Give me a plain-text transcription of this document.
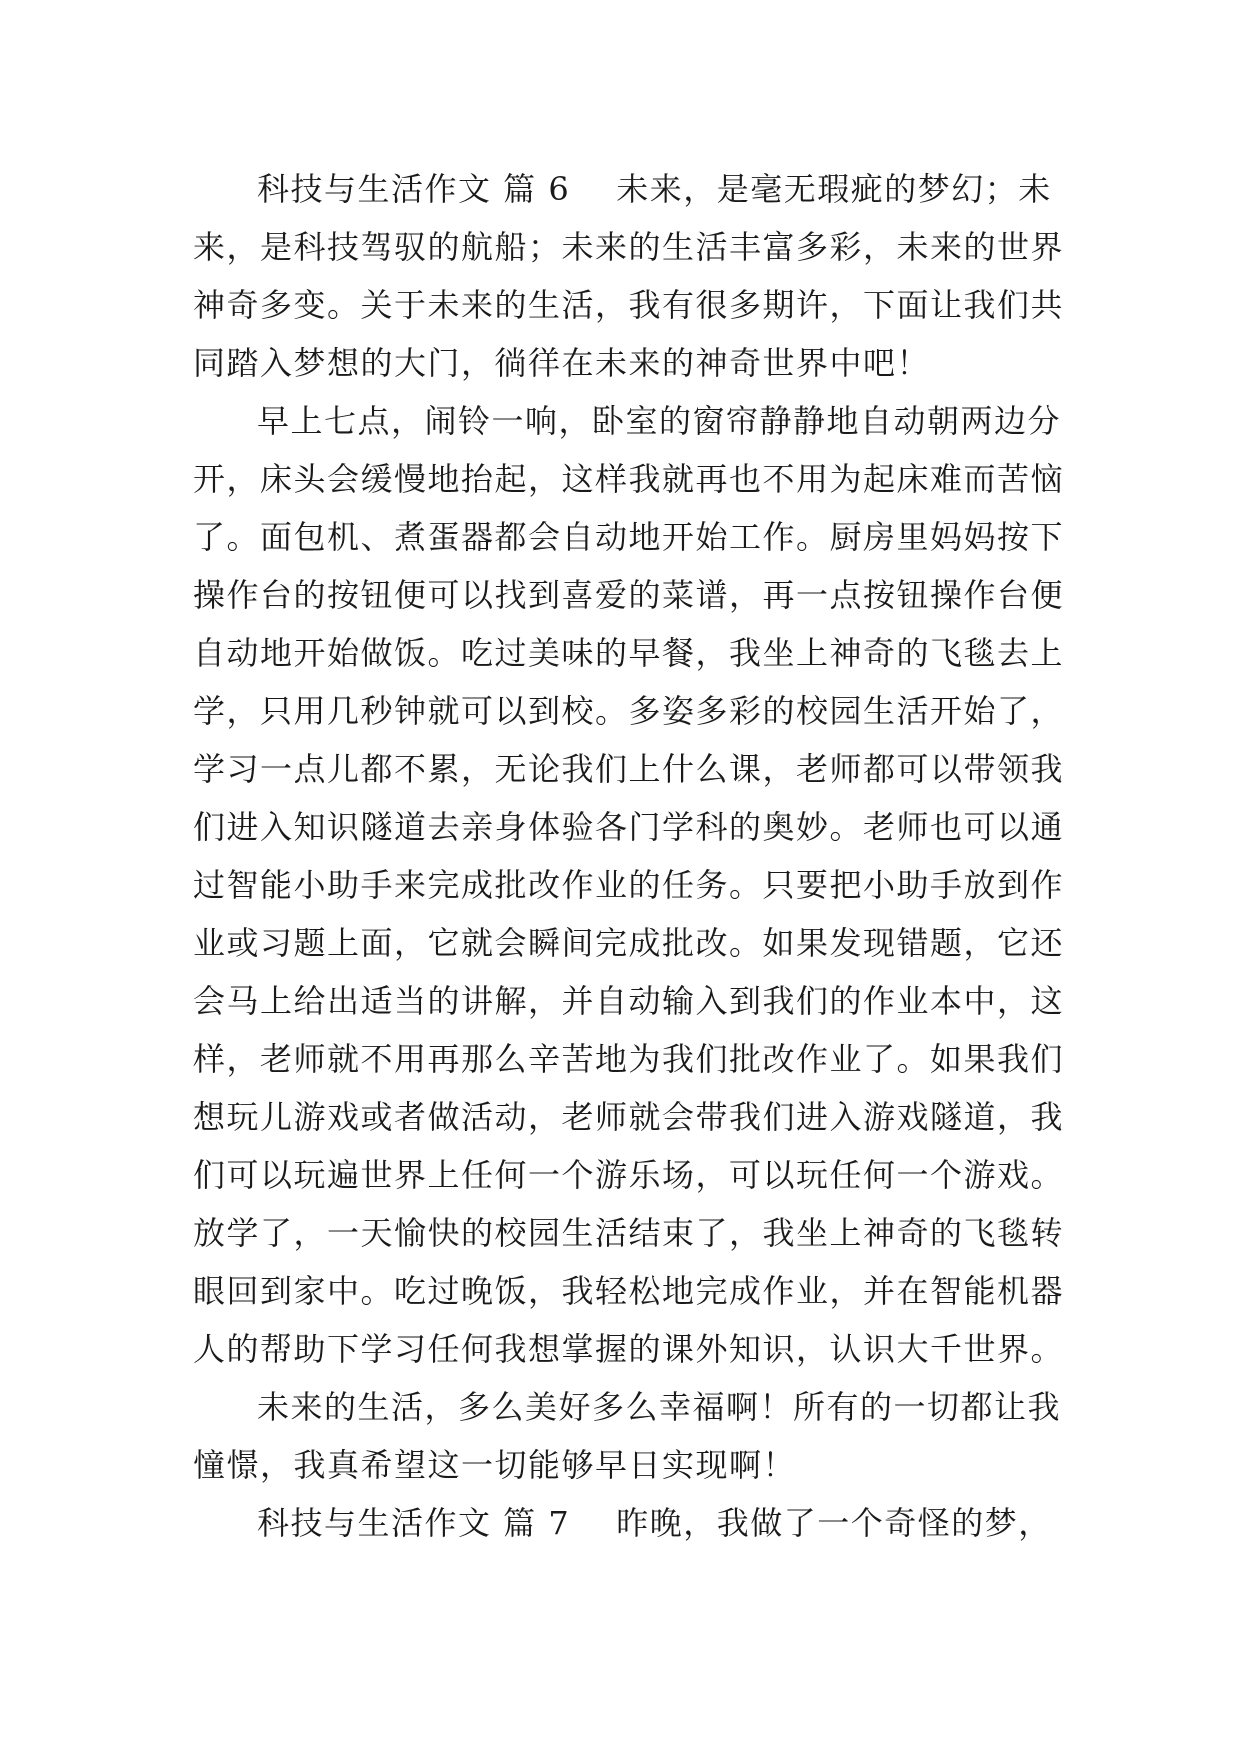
科技与生活作文 篇 6 未来，是毫无瑕疵的梦幻；未
来，是科技驾驭的航船；未来的生活丰富多彩，未来的世界
神奇多变。关于未来的生活，我有很多期许，下面让我们共
同踏入梦想的大门，徜徉在未来的神奇世界中吧！
早上七点，闹铃一响，卧室的窗帘静静地自动朝两边分
开，床头会缓慢地抬起，这样我就再也不用为起床难而苦恼
了。面包机、煮蛋器都会自动地开始工作。厨房里妈妈按下
操作台的按钮便可以找到喜爱的菜谱，再一点按钮操作台便
自动地开始做饭。吃过美味的早餐，我坐上神奇的飞毯去上
学，只用几秒钟就可以到校。多姿多彩的校园生活开始了，
学习一点儿都不累，无论我们上什么课，老师都可以带领我
们进入知识隧道去亲身体验各门学科的奥妙。老师也可以通
过智能小助手来完成批改作业的任务。只要把小助手放到作
业或习题上面，它就会瞬间完成批改。如果发现错题，它还
会马上给出适当的讲解，并自动输入到我们的作业本中，这
样，老师就不用再那么辛苦地为我们批改作业了。如果我们
想玩儿游戏或者做活动，老师就会带我们进入游戏隧道，我
们可以玩遍世界上任何一个游乐场，可以玩任何一个游戏。
放学了，一天愉快的校园生活结束了，我坐上神奇的飞毯转
眼回到家中。吃过晚饭，我轻松地完成作业，并在智能机器
人的帮助下学习任何我想掌握的课外知识，认识大千世界。
未来的生活，多么美好多么幸福啊！所有的一切都让我
憧憬，我真希望这一切能够早日实现啊！
科技与生活作文 篇 7 昨晚，我做了一个奇怪的梦，
